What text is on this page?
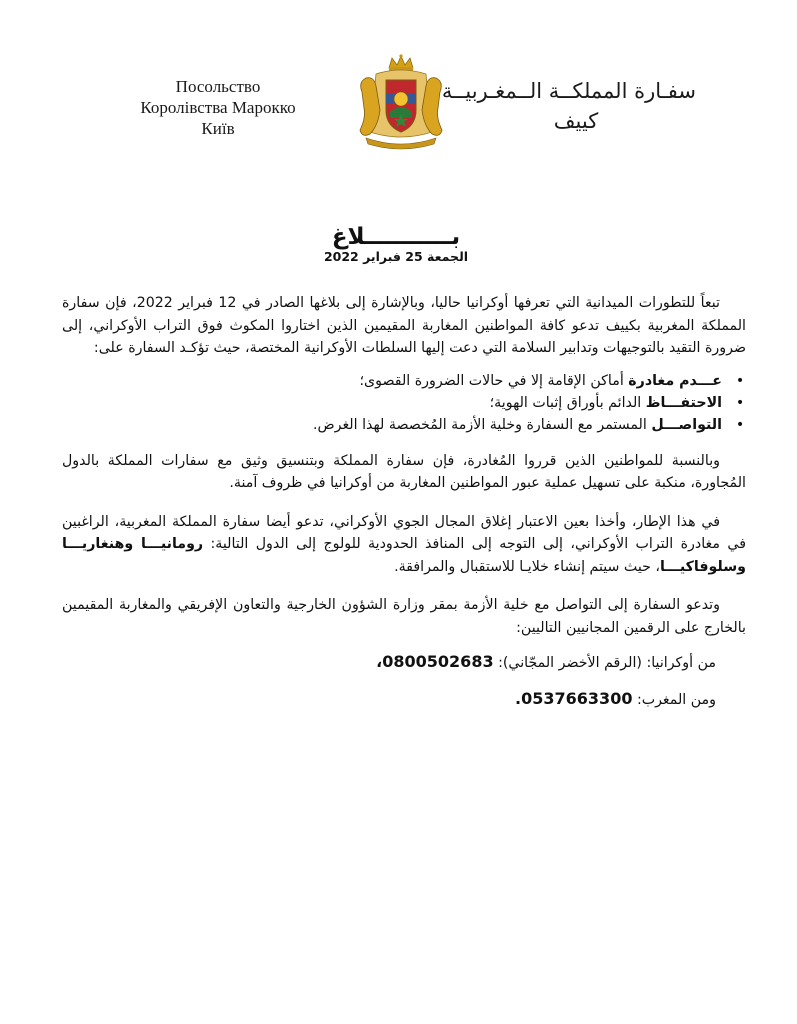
Посольство
Королівства Марокко
Київ
سفـارة المملكــة الــمغـربيــة
كييف
بـــــــــــلاغ
الجمعة 25 فبراير 2022

تبعاً للتطورات الميدانية التي تعرفها أوكرانيا حاليا، وبالإشارة إلى بلاغها الصادر في 12 فبراير 2022، فإن سفارة المملكة المغربية بكييف تدعو كافة المواطنين المغاربة المقيمين الذين اختاروا المكوث فوق التراب الأوكراني، إلى ضرورة التقيد بالتوجيهات وتدابير السلامة التي دعت إليها السلطات الأوكرانية المختصة، حيث تؤكـد السفارة على:

•
عـــدم مغادرة أماكن الإقامة إلا في حالات الضرورة القصوى؛
•
الاحتفـــاظ الدائم بأوراق إثبات الهوية؛
•
التواصـــل المستمر مع السفارة وخلية الأزمة المُخصصة لهذا الغرض.

وبالنسبة للمواطنين الذين قرروا المُغادرة، فإن سفارة المملكة وبتنسيق وثيق مع سفارات المملكة بالدول المُجاورة، منكبة على تسهيل عملية عبور المواطنين المغاربة من أوكرانيا في ظروف آمنة.

في هذا الإطار، وأخذا بعين الاعتبار إغلاق المجال الجوي الأوكراني، تدعو أيضا سفارة المملكة المغربية، الراغبين في مغادرة التراب الأوكراني، إلى التوجه إلى المنافذ الحدودية للولوج إلى الدول التالية: رومانيـــا وهنغاريـــا وسلوفاكيـــا، حيث سيتم إنشاء خلايـا للاستقبال والمرافقة.

وتدعو السفارة إلى التواصل مع خلية الأزمة بمقر وزارة الشؤون الخارجية والتعاون الإفريقي والمغاربة المقيمين بالخارج على الرقمين المجانيين التاليين:

من أوكرانيا: (الرقم الأخضر المجّاني): 0800502683،
ومن المغرب: 0537663300.
